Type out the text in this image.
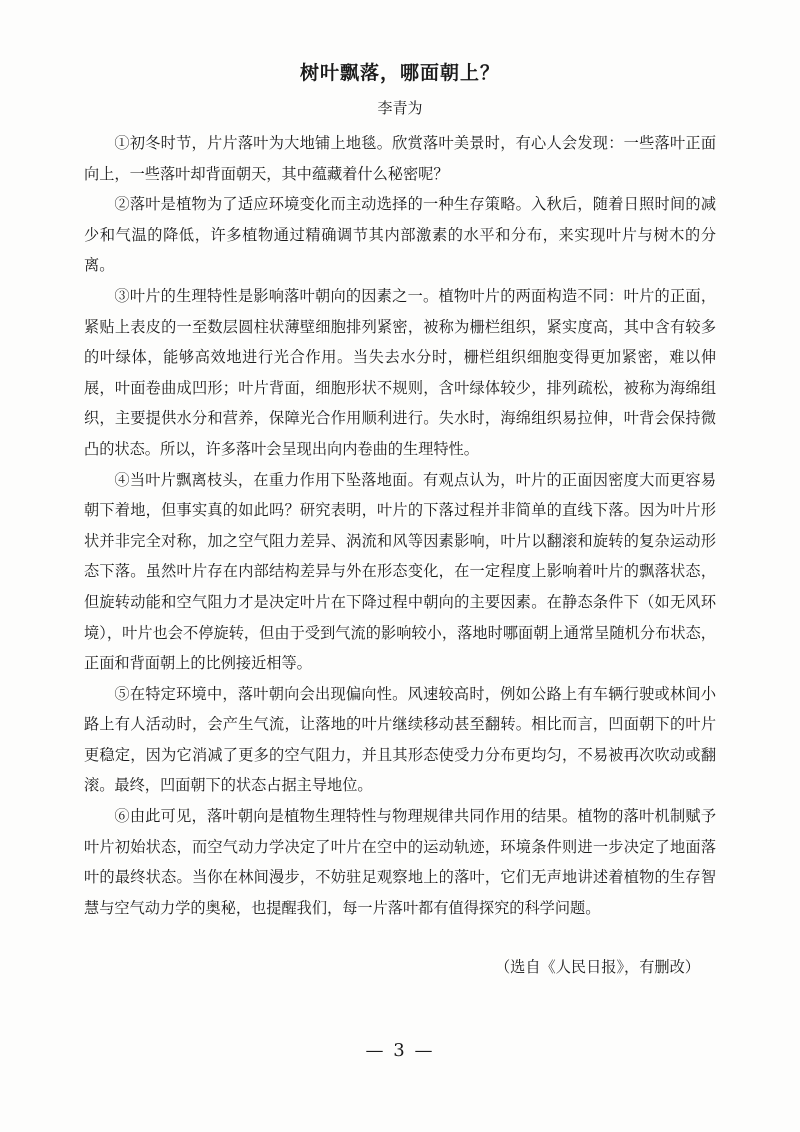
树叶飘落，哪面朝上？
李青为

①初冬时节，片片落叶为大地铺上地毯。欣赏落叶美景时，有心人会发现：一些落叶正面向上，一些落叶却背面朝天，其中蕴藏着什么秘密呢？

②落叶是植物为了适应环境变化而主动选择的一种生存策略。入秋后，随着日照时间的减少和气温的降低，许多植物通过精确调节其内部激素的水平和分布，来实现叶片与树木的分离。

③叶片的生理特性是影响落叶朝向的因素之一。植物叶片的两面构造不同：叶片的正面，紧贴上表皮的一至数层圆柱状薄壁细胞排列紧密，被称为栅栏组织，紧实度高，其中含有较多的叶绿体，能够高效地进行光合作用。当失去水分时，栅栏组织细胞变得更加紧密，难以伸展，叶面卷曲成凹形；叶片背面，细胞形状不规则，含叶绿体较少，排列疏松，被称为海绵组织，主要提供水分和营养，保障光合作用顺利进行。失水时，海绵组织易拉伸，叶背会保持微凸的状态。所以，许多落叶会呈现出向内卷曲的生理特性。

④当叶片飘离枝头，在重力作用下坠落地面。有观点认为，叶片的正面因密度大而更容易朝下着地，但事实真的如此吗？研究表明，叶片的下落过程并非简单的直线下落。因为叶片形状并非完全对称，加之空气阻力差异、涡流和风等因素影响，叶片以翻滚和旋转的复杂运动形态下落。虽然叶片存在内部结构差异与外在形态变化，在一定程度上影响着叶片的飘落状态，但旋转动能和空气阻力才是决定叶片在下降过程中朝向的主要因素。在静态条件下（如无风环境），叶片也会不停旋转，但由于受到气流的影响较小，落地时哪面朝上通常呈随机分布状态，正面和背面朝上的比例接近相等。

⑤在特定环境中，落叶朝向会出现偏向性。风速较高时，例如公路上有车辆行驶或林间小路上有人活动时，会产生气流，让落地的叶片继续移动甚至翻转。相比而言，凹面朝下的叶片更稳定，因为它消减了更多的空气阻力，并且其形态使受力分布更均匀，不易被再次吹动或翻滚。最终，凹面朝下的状态占据主导地位。

⑥由此可见，落叶朝向是植物生理特性与物理规律共同作用的结果。植物的落叶机制赋予叶片初始状态，而空气动力学决定了叶片在空中的运动轨迹，环境条件则进一步决定了地面落叶的最终状态。当你在林间漫步，不妨驻足观察地上的落叶，它们无声地讲述着植物的生存智慧与空气动力学的奥秘，也提醒我们，每一片落叶都有值得探究的科学问题。

（选自《人民日报》，有删改）
— 3 —
